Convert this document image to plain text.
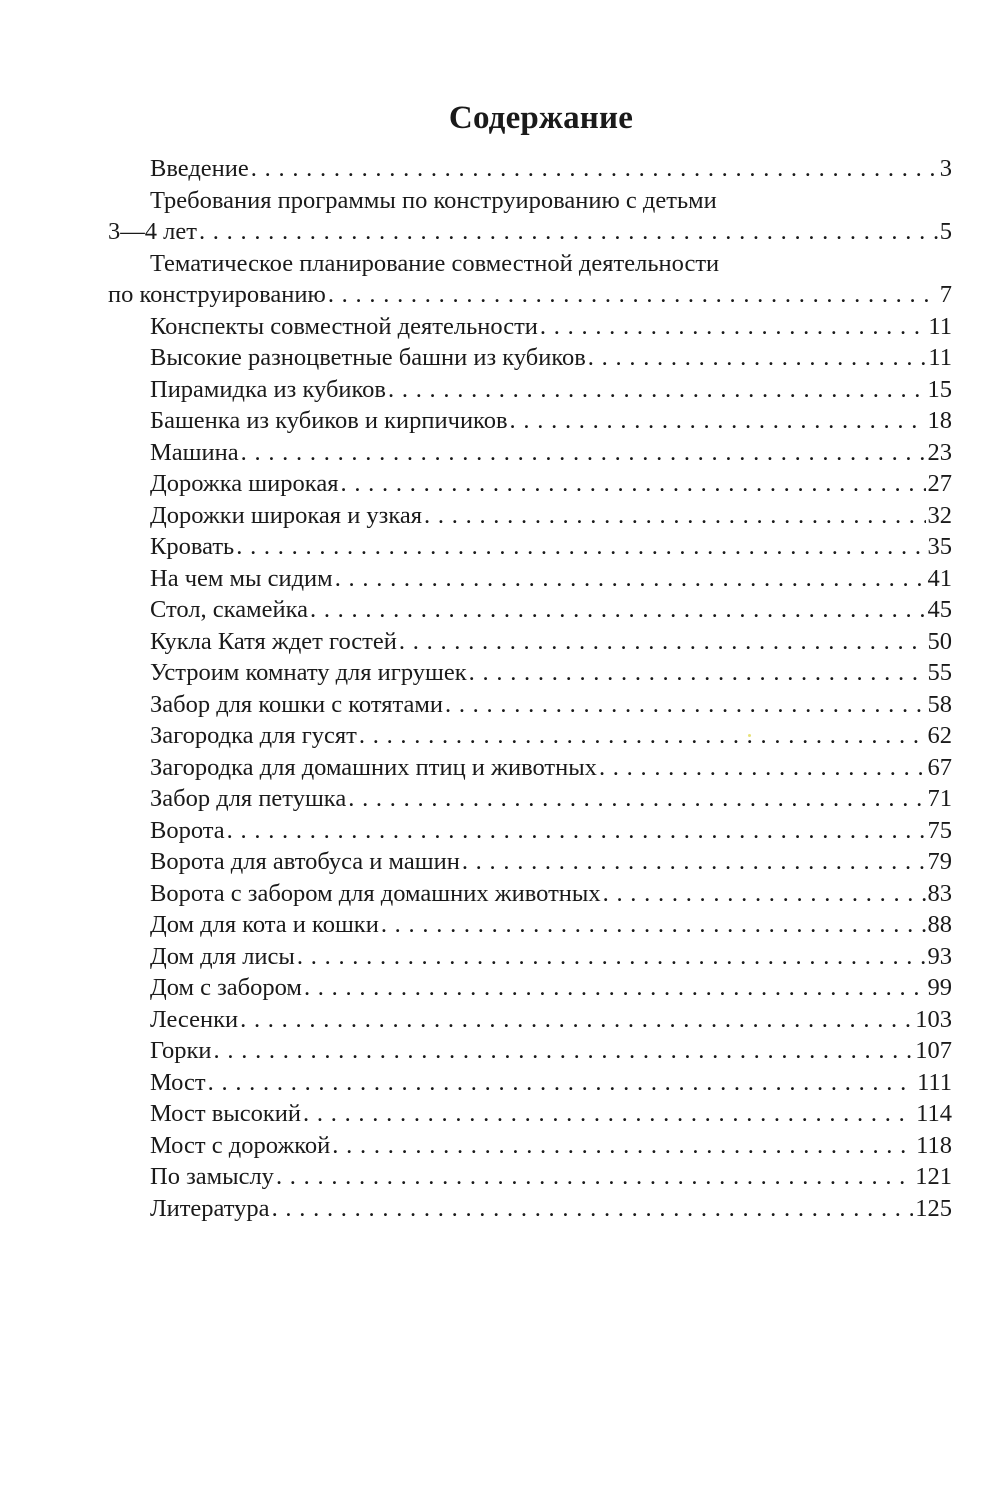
Содержание
Введение . . .	3
Требования программы по конструированию с детьми
3—4 лет . . .	5
Тематическое планирование совместной деятельности
по конструированию . . .	7
Конспекты совместной деятельности . . .	11
Высокие разноцветные башни из кубиков . . .	11
Пирамидка из кубиков . . .	15
Башенка из кубиков и кирпичиков . . .	18
Машина . . .	23
Дорожка широкая . . .	27
Дорожки широкая и узкая . . .	32
Кровать . . .	35
На чем мы сидим . . .	41
Стол, скамейка . . .	45
Кукла Катя ждет гостей . . .	50
Устроим комнату для игрушек . . .	55
Забор для кошки с котятами . . .	58
Загородка для гусят . . .	62
Загородка для домашних птиц и животных . . .	67
Забор для петушка . . .	71
Ворота . . .	75
Ворота для автобуса и машин . . .	79
Ворота с забором для домашних животных . . .	83
Дом для кота и кошки . . .	88
Дом для лисы . . .	93
Дом с забором . . .	99
Лесенки . . .	103
Горки . . .	107
Мост . . .	111
Мост высокий . . .	114
Мост с дорожкой . . .	118
По замыслу . . .	121
Литература . . .	125
